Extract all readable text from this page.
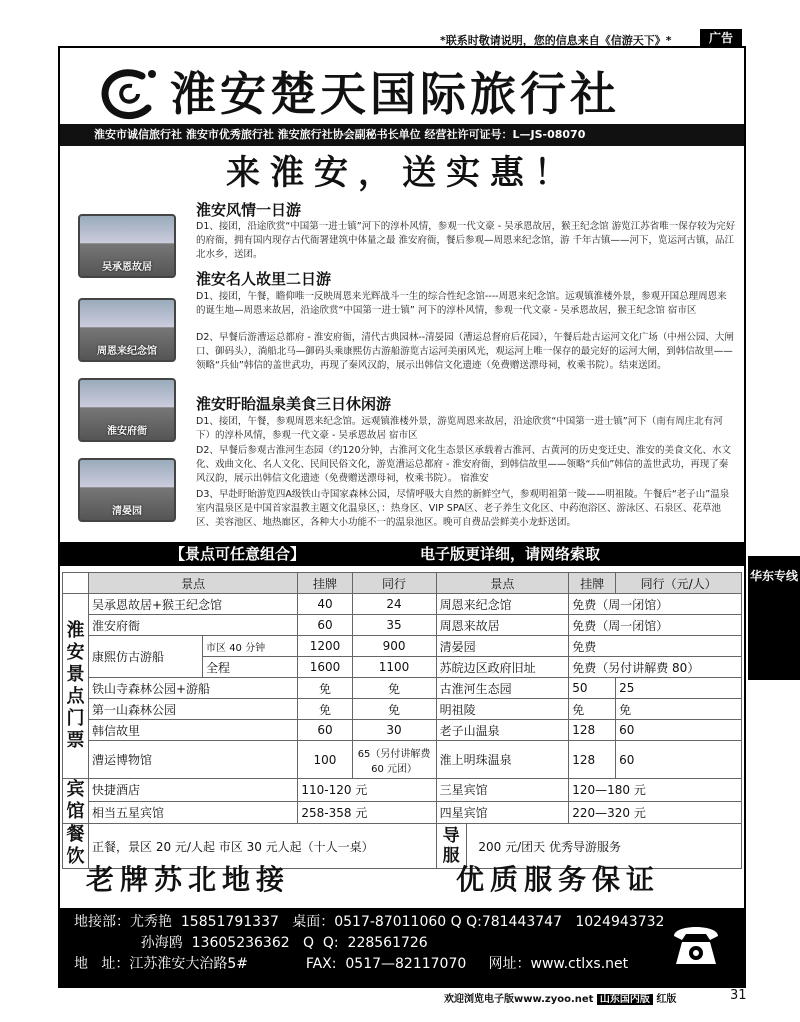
*联系时敬请说明，您的信息来自《信游天下》*	广告
淮安楚天国际旅行社
淮安市诚信旅行社 淮安市优秀旅行社 淮安旅行社协会副秘书长单位 经营社许可证号：L—JS-08070
来淮安，送实惠！
吴承恩故居
周恩来纪念馆
淮安府衙
清晏园
淮安风情一日游
D1、接团，沿途欣赏“中国第一进士镇”河下的淳朴风情，参观一代文豪 - 吴承恩故居，猴王纪念馆 游览江苏省唯一保存较为完好的府衙，拥有国内现存古代衙署建筑中体量之最 淮安府衙，餐后参观—周恩来纪念馆，游 千年古镇——河下，览运河古镇，品江北水乡，送团。
淮安名人故里二日游
D1、接团，午餐，瞻仰唯一反映周恩来光辉战斗一生的综合性纪念馆----周恩来纪念馆。远观镇淮楼外景，参观开国总理周恩来的诞生地—周恩来故居，沿途欣赏“中国第一进士镇” 河下的淳朴风情，参观一代文豪 - 吴承恩故居，猴王纪念馆 宿市区
D2、早餐后游漕运总都府 - 淮安府衙，清代古典园林--清晏园（漕运总督府后花园），午餐后赴古运河文化广场（中州公园、大闸口、御码头），淌船北马—御码头乘康熙仿古游船游览古运河美丽风光，观运河上唯一保存的最完好的运河大闸，到韩信故里——领略“兵仙”韩信的盖世武功，再现了秦风汉韵，展示出韩信文化遗迹（免费赠送漂母祠，枚乘书院）。结束送团。
淮安盱眙温泉美食三日休闲游
D1、接团，午餐，参观周恩来纪念馆。远观镇淮楼外景，游览周恩来故居，沿途欣赏“中国第一进士镇”河下（南有周庄北有河下）的淳朴风情，参观一代文豪 - 吴承恩故居 宿市区
D2、早餐后参观古淮河生态园（约120分钟，古淮河文化生态景区承载着古淮河、古黄河的历史变迁史、淮安的美食文化、水文化、戏曲文化、名人文化、民间民俗文化，游览漕运总都府 - 淮安府衙，到韩信故里——领略“兵仙”韩信的盖世武功，再现了秦风汉韵，展示出韩信文化遗迹（免费赠送漂母祠，枚乘书院）。 宿淮安
D3、早赴盱眙游览四A级铁山寺国家森林公园，尽情呼吸大自然的新鲜空气，参观明祖第一陵——明祖陵。午餐后“老子山”温泉 室内温泉区是中国首家温教主题文化温泉区，：热身区、VIP SPA区、老子养生文化区、中药泡浴区、游泳区、石泉区、花草池区、美容池区、地热廊区，各种大小功能不一的温泉池区。晚可自费品尝鲜美小龙虾送团。
【景点可任意组合】	电子版更详细，请网络索取
华东专线
	景点		挂牌	同行	景点	挂牌	同行（元/人）
淮安景点门票	吴承恩故居+猴王纪念馆		40	24	周恩来纪念馆	免费（周一闭馆）	
	淮安府衙		60	35	周恩来故居	免费（周一闭馆）	
	康熙仿古游船	市区 40 分钟	1200	900	清晏园	免费	
		全程	1600	1100	苏皖边区政府旧址	免费（另付讲解费 80）	
	铁山寺森林公园+游船		免	免	古淮河生态园	50	25
	第一山森林公园		免	免	明祖陵	免	免
	韩信故里		60	30	老子山温泉	128	60
	漕运博物馆		100	65（另付讲解费 60 元团）	淮上明珠温泉	128	60
宾馆	快捷酒店		110-120 元		三星宾馆	120—180 元	
	相当五星宾馆		258-358 元		四星宾馆	220—320 元	
餐饮	正餐，景区 20 元/人起 市区 30 元人起（十人一桌）				导服 200 元/团天 优秀导游服务		
老牌苏北地接	优质服务保证
地接部：尤秀艳  15851791337   桌面：0517-87011060 Q Q:781443747   1024943732
孙海鸥  13605236362   Q  Q:  228561726
地   址：江苏淮安大治路5#             FAX:  0517—82117070     网址：www.ctlxs.net
欢迎浏览电子版www.zyoo.net 山东国内版 红版	31
